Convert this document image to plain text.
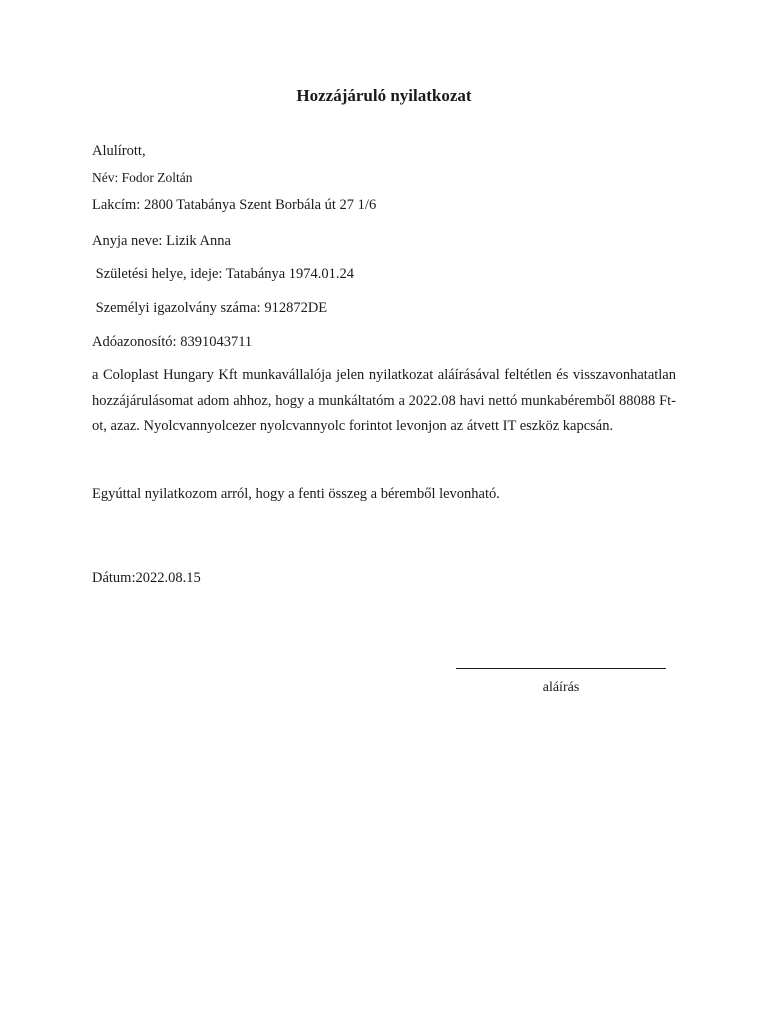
Hozzájáruló nyilatkozat
Alulírott,
Név: Fodor Zoltán
Lakcím: 2800 Tatabánya Szent Borbála út 27 1/6
Anyja neve: Lizik Anna
Születési helye, ideje: Tatabánya 1974.01.24
Személyi igazolvány száma: 912872DE
Adóazonosító: 8391043711
a Coloplast Hungary Kft munkavállalója jelen nyilatkozat aláírásával feltétlen és visszavonhatatlan hozzájárulásomat adom ahhoz, hogy a munkáltatóm a 2022.08 havi nettó munkabéremből 88088 Ft-ot, azaz. Nyolcvannyolcezer nyolcvannyolc forintot levonjon az átvett IT eszköz kapcsán.
Egyúttal nyilatkozom arról, hogy a fenti összeg a béremből levonható.
Dátum:2022.08.15
aláírás
